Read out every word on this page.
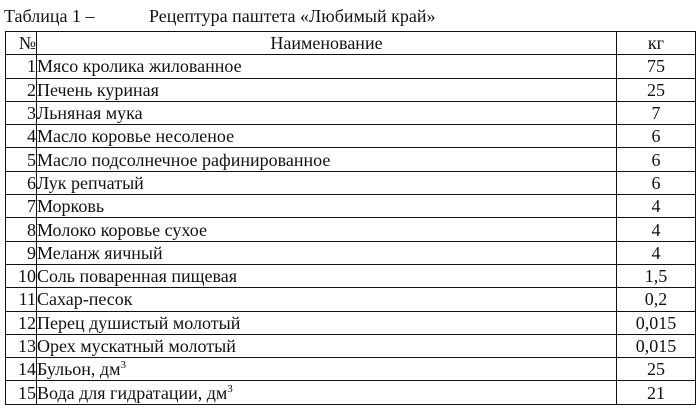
Таблица 1 –	Рецептура паштета «Любимый край»
№	Наименование	кг
1	Мясо кролика жилованное	75
2	Печень куриная	25
3	Льняная мука	7
4	Масло коровье несоленое	6
5	Масло подсолнечное рафинированное	6
6	Лук репчатый	6
7	Морковь	4
8	Молоко коровье сухое	4
9	Меланж яичный	4
10	Соль поваренная пищевая	1,5
11	Сахар-песок	0,2
12	Перец душистый молотый	0,015
13	Орех мускатный молотый	0,015
14	Бульон, $дм^3$	25
15	Вода для гидратации, $дм^3$	21
